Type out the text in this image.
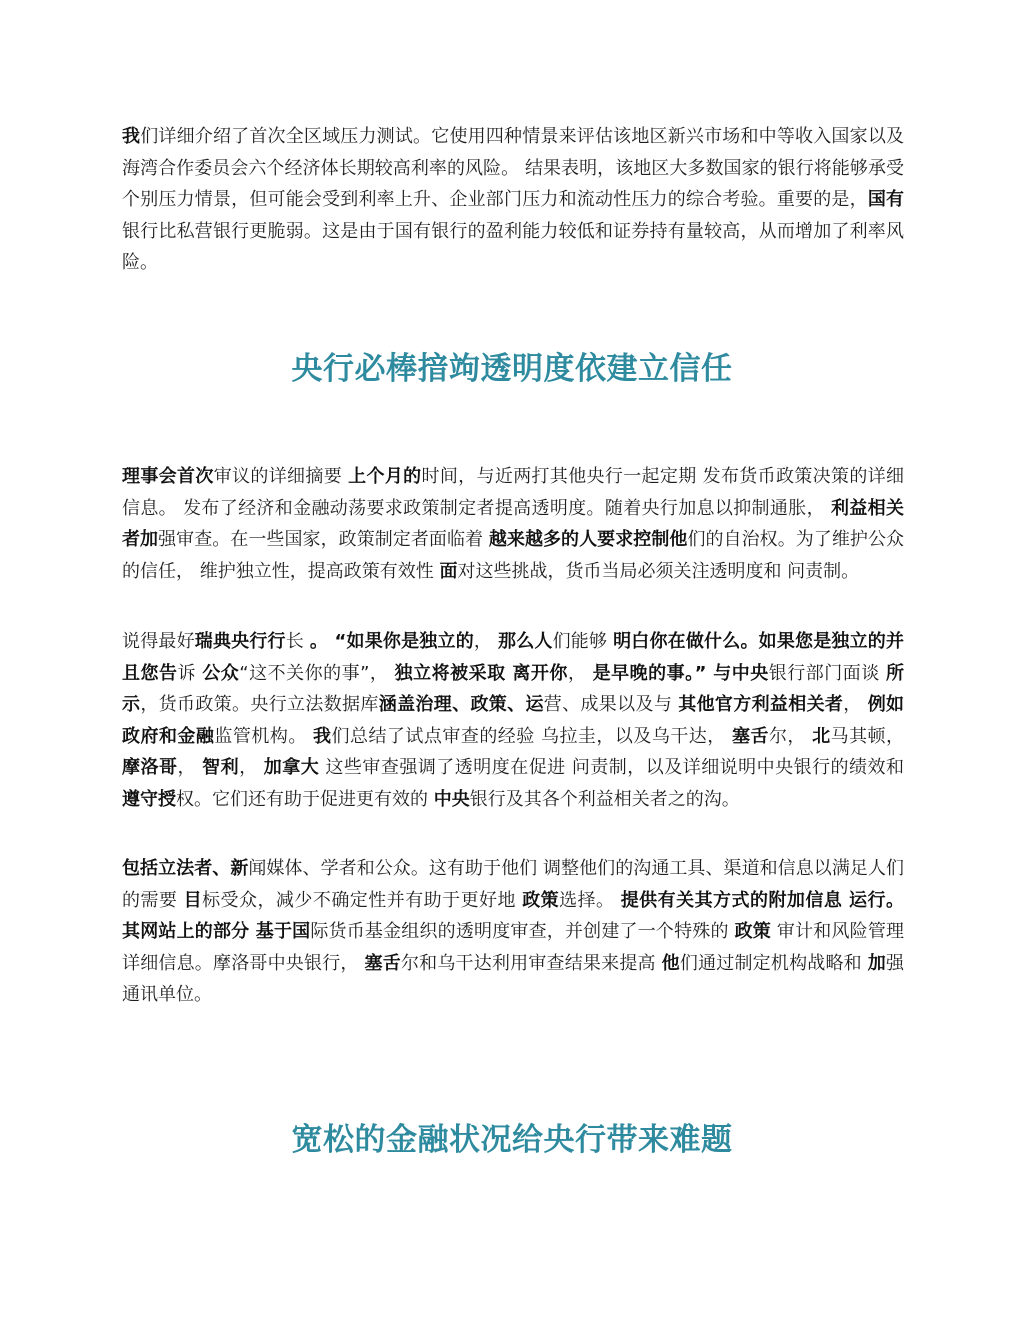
我们详细介绍了首次全区域压力测试。它使用四种情景来评估该地区新兴市场和中等收入国家以及海湾合作委员会六个经济体长期较高利率的风险。 结果表明，该地区大多数国家的银行将能够承受个别压力情景，但可能会受到利率上升、企业部门压力和流动性压力的综合考验。重要的是，国有银行比私营银行更脆弱。这是由于国有银行的盈利能力较低和证券持有量较高，从而增加了利率风险。

央行必棒揞竘透明度依建立信任

理事会首次审议的详细摘要 上个月的时间，与近两打其他央行一起定期 发布货币政策决策的详细信息。 发布了经济和金融动荡要求政策制定者提高透明度。随着央行加息以抑制通胀， 利益相关者加强审查。在一些国家，政策制定者面临着 越来越多的人要求控制他们的自治权。为了维护公众的信任， 维护独立性，提高政策有效性 面对这些挑战，货币当局必须关注透明度和 问责制。

说得最好瑞典央行行长 。 “如果你是独立的， 那么人们能够 明白你在做什么。如果您是独立的并且您告诉 公众“这不关你的事”， 独立将被采取 离开你， 是早晚的事。” 与中央银行部门面谈 所示，货币政策。央行立法数据库涵盖治理、政策、运营、成果以及与 其他官方利益相关者， 例如政府和金融监管机构。 我们总结了试点审查的经验 乌拉圭，以及乌干达， 塞舌尔， 北马其顿， 摩洛哥， 智利， 加拿大 这些审查强调了透明度在促进 问责制，以及详细说明中央银行的绩效和 遵守授权。它们还有助于促进更有效的 中央银行及其各个利益相关者之的沟。

包括立法者、新闻媒体、学者和公众。这有助于他们 调整他们的沟通工具、渠道和信息以满足人们的需要 目标受众，减少不确定性并有助于更好地 政策选择。 提供有关其方式的附加信息 运行。 其网站上的部分 基于国际货币基金组织的透明度审查，并创建了一个特殊的 政策 审计和风险管理详细信息。摩洛哥中央银行， 塞舌尔和乌干达利用审查结果来提高 他们通过制定机构战略和 加强通讯单位。

宽松的金融状况给央行带来难题
